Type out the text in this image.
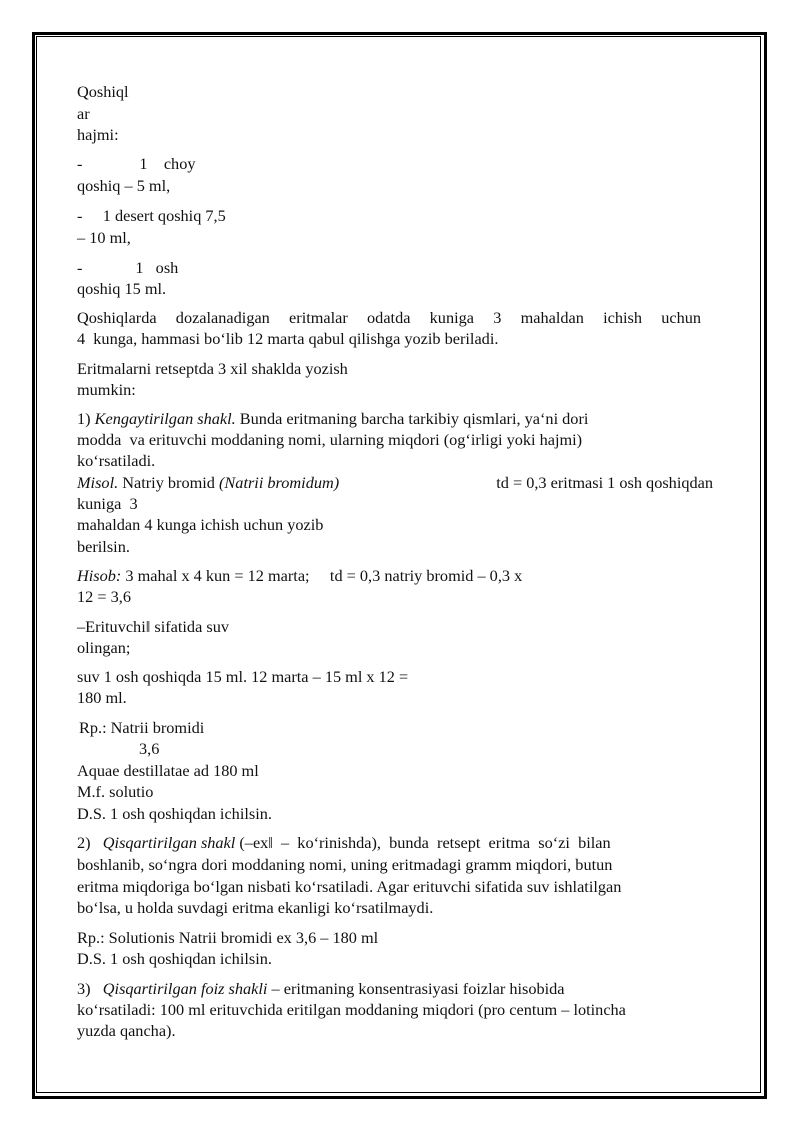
Qoshiql
ar
hajmi:
-              1    choy
qoshiq – 5 ml,
-     1 desert qoshiq 7,5
– 10 ml,
-             1   osh
qoshiq 15 ml.
Qoshiqlarda dozalanadigan eritmalar odatda kuniga 3 mahaldan ichish uchun
4  kunga, hammasi bo‘lib 12 marta qabul qilishga yozib beriladi.
Eritmalarni retseptda 3 xil shaklda yozish
mumkin:
1) Kengaytirilgan shakl. Bunda eritmaning barcha tarkibiy qismlari, ya‘ni dori
modda  va erituvchi moddaning nomi, ularning miqdori (og‘irligi yoki hajmi)
ko‘rsatiladi.
Misol. Natriy bromid (Natrii bromidum)	td = 0,3 eritmasi 1 osh qoshiqdan
kuniga  3
mahaldan 4 kunga ichish uchun yozib
berilsin.
Hisob: 3 mahal x 4 kun = 12 marta;     td = 0,3 natriy bromid – 0,3 x
12 = 3,6
–Erituvchi‖ sifatida suv
olingan;
suv 1 osh qoshiqda 15 ml. 12 marta – 15 ml x 12 =
180 ml.
Rp.: Natrii bromidi
3,6
Aquae destillatae ad 180 ml
M.f. solutio
D.S. 1 osh qoshiqdan ichilsin.
2)   Qisqartirilgan shakl (–ex‖  –  ko‘rinishda),  bunda  retsept  eritma  so‘zi  bilan
boshlanib, so‘ngra dori moddaning nomi, uning eritmadagi gramm miqdori, butun
eritma miqdoriga bo‘lgan nisbati ko‘rsatiladi. Agar erituvchi sifatida suv ishlatilgan
bo‘lsa, u holda suvdagi eritma ekanligi ko‘rsatilmaydi.
Rp.: Solutionis Natrii bromidi ex 3,6 – 180 ml
D.S. 1 osh qoshiqdan ichilsin.
3)   Qisqartirilgan foiz shakli – eritmaning konsentrasiyasi foizlar hisobida
ko‘rsatiladi: 100 ml erituvchida eritilgan moddaning miqdori (pro centum – lotincha
yuzda qancha).
